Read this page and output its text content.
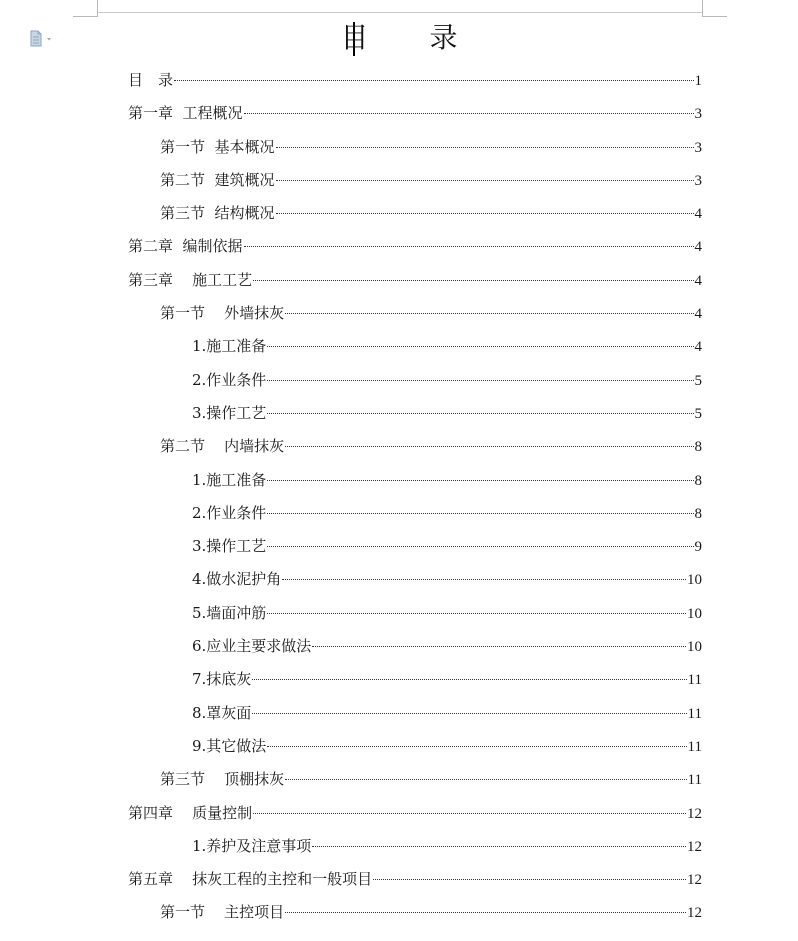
目 录
目　录	1
第一章  工程概况	3
第一节  基本概况	3
第二节  建筑概况	3
第三节  结构概况	4
第二章  编制依据	4
第三章    施工工艺	4
第一节    外墙抹灰	4
1.施工准备	4
2.作业条件	5
3.操作工艺	5
第二节    内墙抹灰	8
1.施工准备	8
2.作业条件	8
3.操作工艺	9
4.做水泥护角	10
5.墙面冲筋	10
6.应业主要求做法	10
7.抹底灰	11
8.罩灰面	11
9.其它做法	11
第三节    顶棚抹灰	11
第四章    质量控制	12
1.养护及注意事项	12
第五章    抹灰工程的主控和一般项目	12
第一节    主控项目	12
